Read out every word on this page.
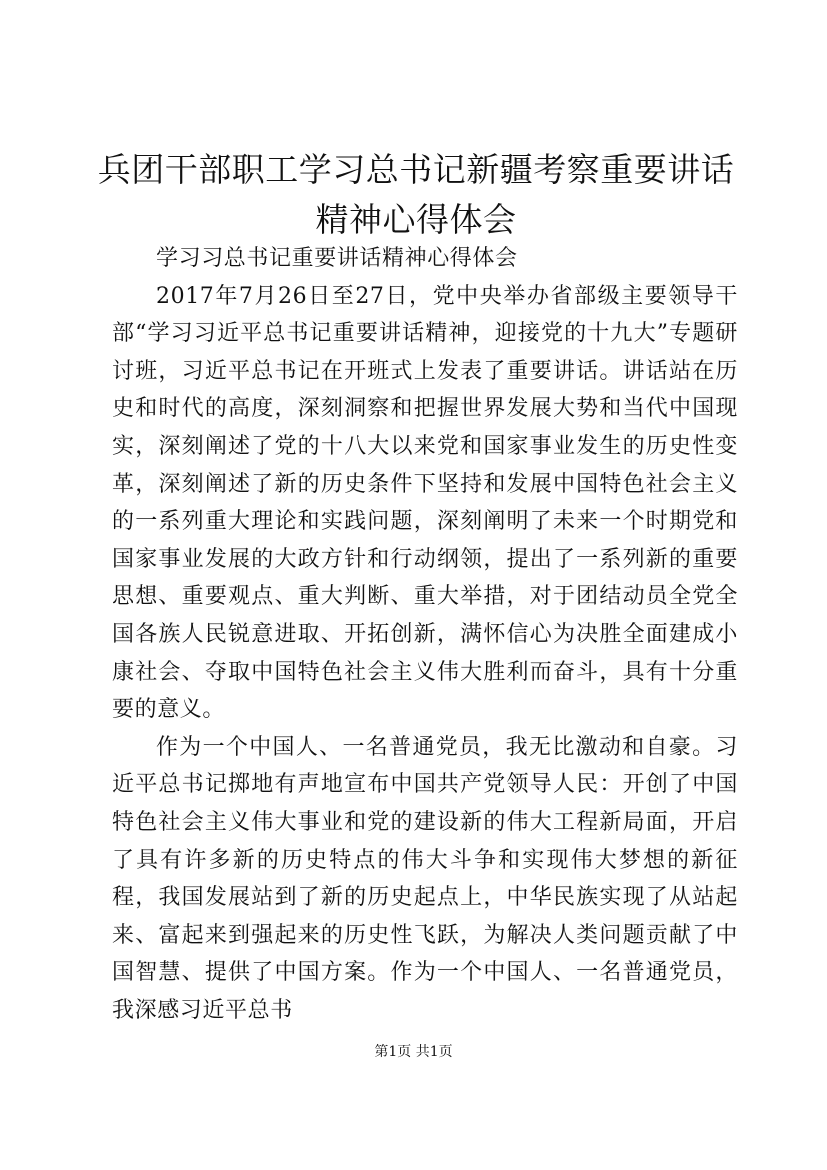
兵团干部职工学习总书记新疆考察重要讲话精神心得体会

学习习总书记重要讲话精神心得体会

2017年7月26日至27日，党中央举办省部级主要领导干部“学习习近平总书记重要讲话精神，迎接党的十九大”专题研讨班，习近平总书记在开班式上发表了重要讲话。讲话站在历史和时代的高度，深刻洞察和把握世界发展大势和当代中国现实，深刻阐述了党的十八大以来党和国家事业发生的历史性变革，深刻阐述了新的历史条件下坚持和发展中国特色社会主义的一系列重大理论和实践问题，深刻阐明了未来一个时期党和国家事业发展的大政方针和行动纲领，提出了一系列新的重要思想、重要观点、重大判断、重大举措，对于团结动员全党全国各族人民锐意进取、开拓创新，满怀信心为决胜全面建成小康社会、夺取中国特色社会主义伟大胜利而奋斗，具有十分重要的意义。

作为一个中国人、一名普通党员，我无比激动和自豪。习近平总书记掷地有声地宣布中国共产党领导人民：开创了中国特色社会主义伟大事业和党的建设新的伟大工程新局面，开启了具有许多新的历史特点的伟大斗争和实现伟大梦想的新征程，我国发展站到了新的历史起点上，中华民族实现了从站起来、富起来到强起来的历史性飞跃，为解决人类问题贡献了中国智慧、提供了中国方案。作为一个中国人、一名普通党员，我深感习近平总书

第1页 共1页
